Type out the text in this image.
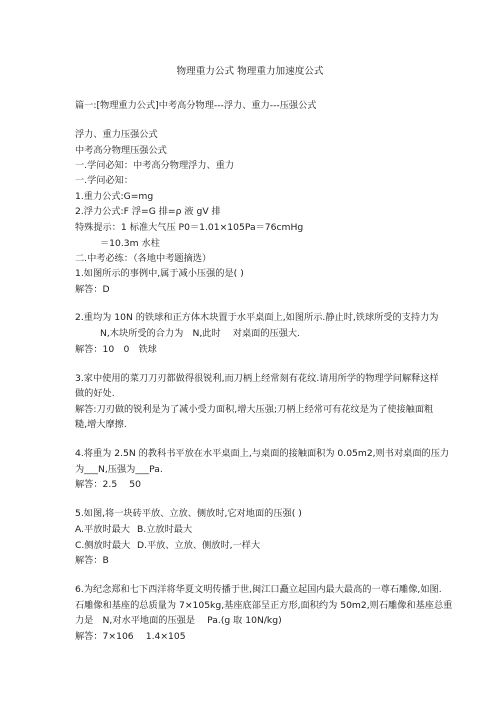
物理重力公式 物理重力加速度公式
篇一:[物理重力公式]中考高分物理---浮力、重力---压强公式
浮力、重力压强公式
中考高分物理压强公式
一.学问必知：中考高分物理浮力、重力
一.学问必知：
1.重力公式:G=mg
2.浮力公式:F 浮=G 排=ρ 液 gV 排
特殊提示：1 标准大气压 P0＝1.01×105Pa＝76cmHg
＝10.3m 水柱
二.中考必练：（各地中考题摘选）
1.如图所示的事例中,属于减小压强的是( )
解答：D
2.重均为 10N 的铁球和正方体木块置于水平桌面上,如图所示.静止时,铁球所受的支持力为
N,木块所受的合力为　N,此时　 对桌面的压强大.
解答：10　0　铁球
3.家中使用的菜刀刀刃都做得很锐利,而刀柄上经常刻有花纹.请用所学的物理学问解释这样
做的好处.
解答:刀刃做的锐利是为了减小受力面积,增大压强;刀柄上经常可有花纹是为了使接触面粗
糙,增大摩擦.
4.将重为 2.5N 的教科书平放在水平桌面上,与桌面的接触面积为 0.05m2,则书对桌面的压力
为___N,压强为___Pa.
解答：2.5　 50
5.如图,将一块砖平放、立放、侧放时,它对地面的压强( )
A.平放时最大 B.立放时最大
C.侧放时最大 D.平放、立放、侧放时,一样大
解答：B
6.为纪念郑和七下西洋将华夏文明传播于世,闽江口矗立起国内最大最高的一尊石雕像,如图.
石雕像和基座的总质量为 7×105kg,基座底部呈正方形,面积约为 50m2,则石雕像和基座总重
力是　N,对水平地面的压强是　 Pa.(g 取 10N/kg)
解答：7×106　 1.4×105
